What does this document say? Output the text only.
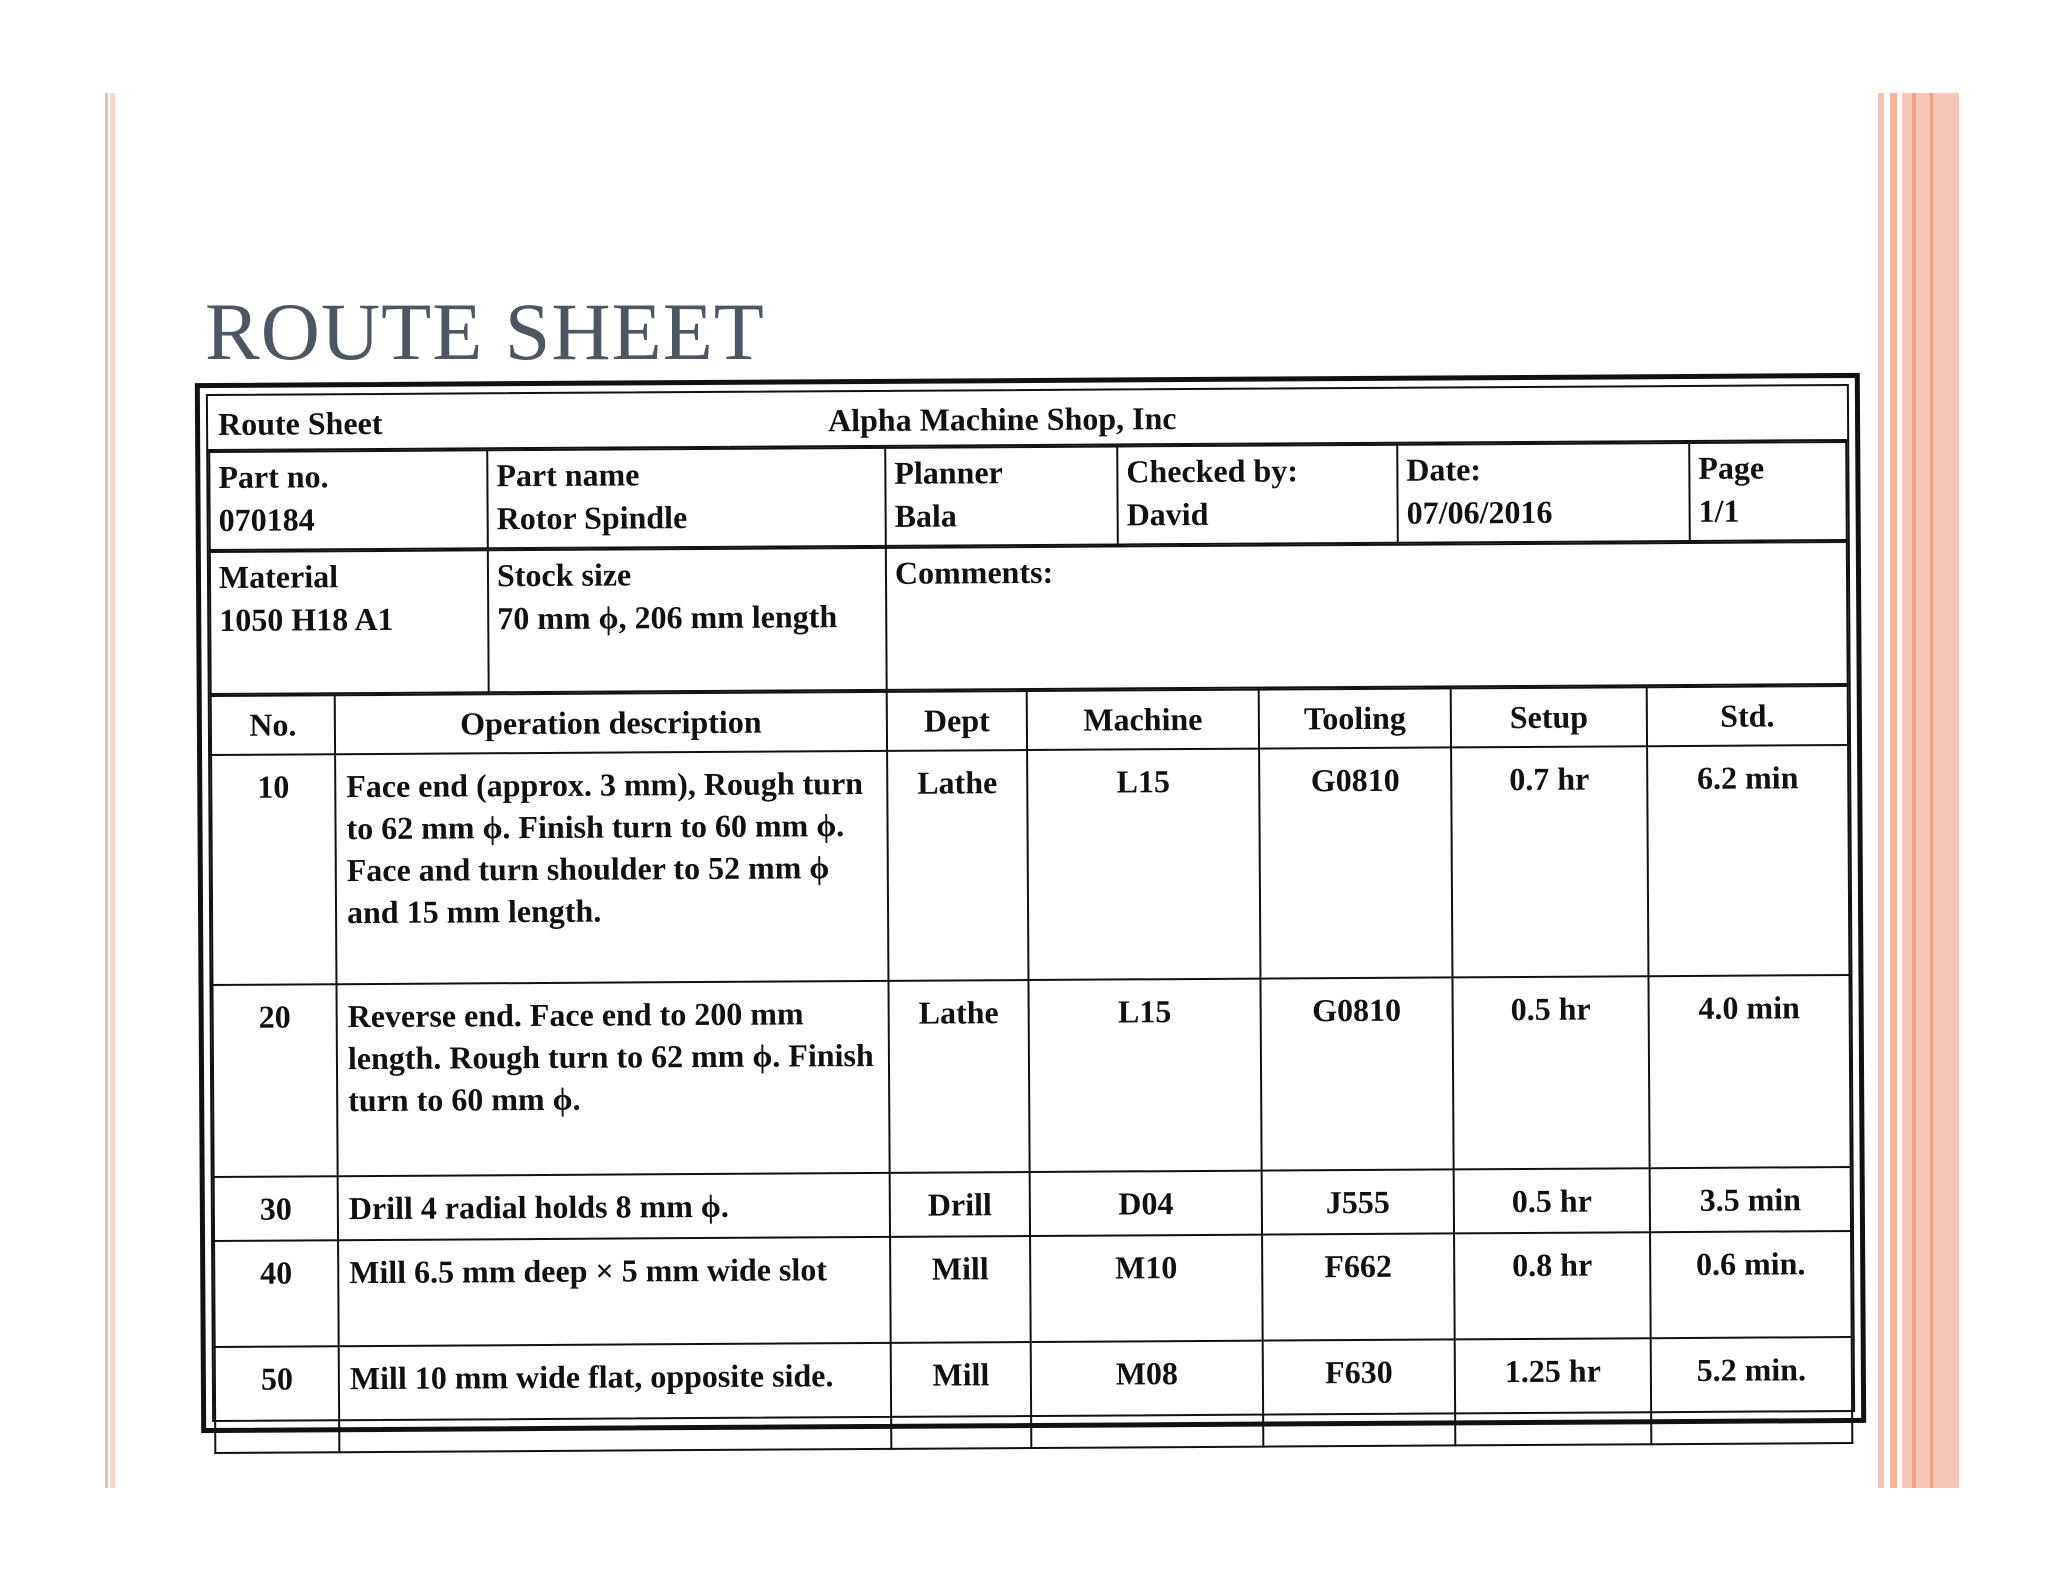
ROUTE SHEET
Route Sheet	Alpha Machine Shop, Inc
Part no.
070184

Part name
Rotor Spindle

Planner
Bala

Checked by:
David

Date:
07/06/2016

Page
1/1
Material
1050 H18 A1

Stock size
70 mm ϕ, 206 mm length

Comments:
No.	Operation description	Dept	Machine	Tooling	Setup	Std.
10	Face end (approx. 3 mm), Rough turn to 62 mm ϕ. Finish turn to 60 mm ϕ. Face and turn shoulder to 52 mm ϕ and 15 mm length.	Lathe	L15	G0810	0.7 hr	6.2 min
20	Reverse end. Face end to 200 mm length. Rough turn to 62 mm ϕ. Finish turn to 60 mm ϕ.	Lathe	L15	G0810	0.5 hr	4.0 min
30	Drill 4 radial holds 8 mm ϕ.	Drill	D04	J555	0.5 hr	3.5 min
40	Mill 6.5 mm deep × 5 mm wide slot	Mill	M10	F662	0.8 hr	0.6 min.
50	Mill 10 mm wide flat, opposite side.	Mill	M08	F630	1.25 hr	5.2 min.
